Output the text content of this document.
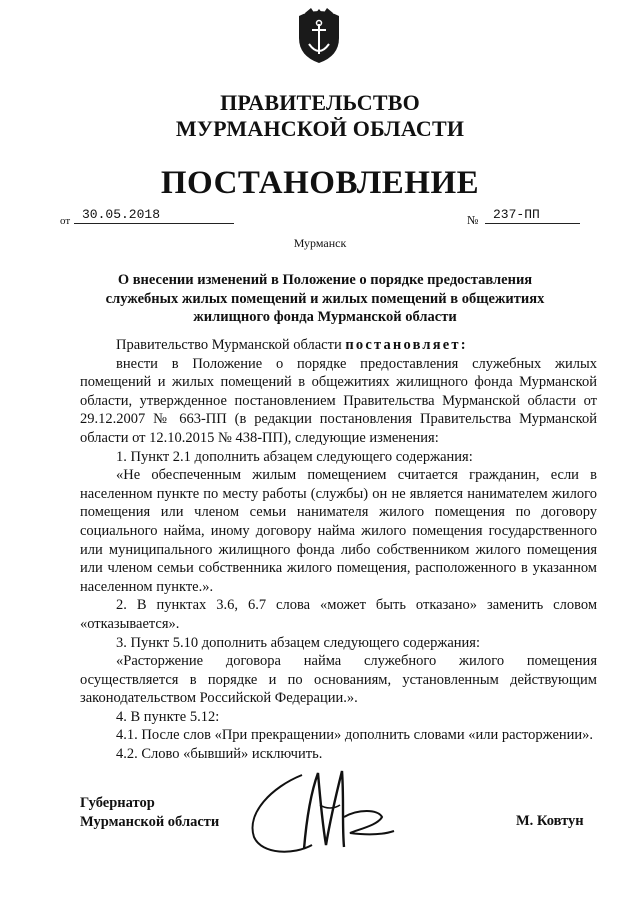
ПРАВИТЕЛЬСТВО
МУРМАНСКОЙ ОБЛАСТИ
ПОСТАНОВЛЕНИЕ
от 30.05.2018	№	237-ПП
Мурманск
О внесении изменений в Положение о порядке предоставления
служебных жилых помещений и жилых помещений в общежитиях
жилищного фонда Мурманской области

Правительство Мурманской области постановляет:

внести в Положение о порядке предоставления служебных жилых помещений и жилых помещений в общежитиях жилищного фонда Мурманской области, утвержденное постановлением Правительства Мурманской области от 29.12.2007 № 663-ПП (в редакции постановления Правительства Мурманской области от 12.10.2015 № 438-ПП), следующие изменения:

1. Пункт 2.1 дополнить абзацем следующего содержания:

«Не обеспеченным жилым помещением считается гражданин, если в населенном пункте по месту работы (службы) он не является нанимателем жилого помещения или членом семьи нанимателя жилого помещения по договору социального найма, иному договору найма жилого помещения государственного или муниципального жилищного фонда либо собственником жилого помещения или членом семьи собственника жилого помещения, расположенного в указанном населенном пункте.».

2. В пунктах 3.6, 6.7 слова «может быть отказано» заменить словом «отказывается».

3. Пункт 5.10 дополнить абзацем следующего содержания:

«Расторжение договора найма служебного жилого помещения осуществляется в порядке и по основаниям, установленным действующим законодательством Российской Федерации.».

4. В пункте 5.12:

4.1. После слов «При прекращении» дополнить словами «или расторжении».

4.2. Слово «бывший» исключить.

Губернатор
Мурманской области	М. Ковтун
